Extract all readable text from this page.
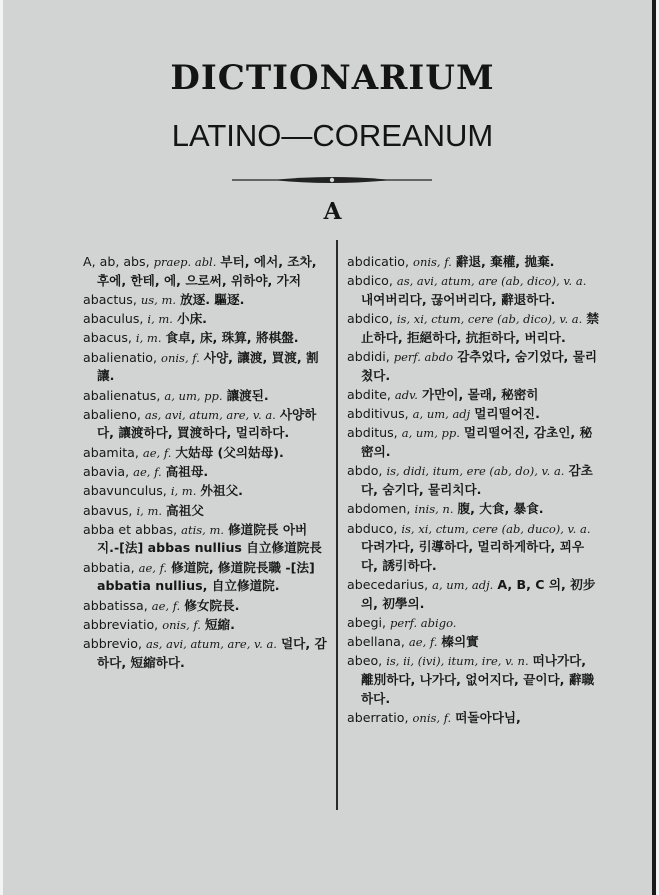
DICTIONARIUM
LATINO—COREANUM
A
A, ab, abs, praep. abl. 부터, 에서, 조차, 후에, 한테, 에, 으로써, 위하야, 가저
abactus, us, m. 放逐. 驅逐.
abaculus, i, m. 小床.
abacus, i, m. 食卓, 床, 珠算, 將棋盤.
abalienatio, onis, f. 사양, 讓渡, 買渡, 割讓.
abalienatus, a, um, pp. 讓渡된.
abalieno, as, avi, atum, are, v. a. 사양하다, 讓渡하다, 買渡하다, 멀리하다.
abamita, ae, f. 大姑母 (父의姑母).
abavia, ae, f. 高祖母.
abavunculus, i, m. 外祖父.
abavus, i, m. 高祖父
abba et abbas, atis, m. 修道院長 아버지.-[法] abbas nullius 自立修道院長
abbatia, ae, f. 修道院, 修道院長職 -[法] abbatia nullius, 自立修道院.
abbatissa, ae, f. 修女院長.
abbreviatio, onis, f. 短縮.
abbrevio, as, avi, atum, are, v. a. 덜다, 감하다, 短縮하다.
abdicatio, onis, f. 辭退, 棄權, 拋棄.
abdico, as, avi, atum, are (ab, dico), v. a. 내여버리다, 끊어버리다, 辭退하다.
abdico, is, xi, ctum, cere (ab, dico), v. a. 禁止하다, 拒絕하다, 抗拒하다, 버리다.
abdidi, perf. abdo 감추었다, 숨기었다, 물리쳤다.
abdite, adv. 가만이, 몰래, 秘密히
abditivus, a, um, adj 멀리떨어진.
abditus, a, um, pp. 멀리떨어진, 감초인, 秘密의.
abdo, is, didi, itum, ere (ab, do), v. a. 감초다, 숨기다, 물리치다.
abdomen, inis, n. 腹, 大食, 暴食.
abduco, is, xi, ctum, cere (ab, duco), v. a. 다려가다, 引導하다, 멀리하게하다, 꾀우다, 誘引하다.
abecedarius, a, um, adj. A, B, C 의, 初步의, 初學의.
abegi, perf. abigo.
abellana, ae, f. 榛의實
abeo, is, ii, (ivi), itum, ire, v. n. 떠나가다, 離別하다, 나가다, 없어지다, 끝이다, 辭職하다.
aberratio, onis, f. 떠돌아다님,
